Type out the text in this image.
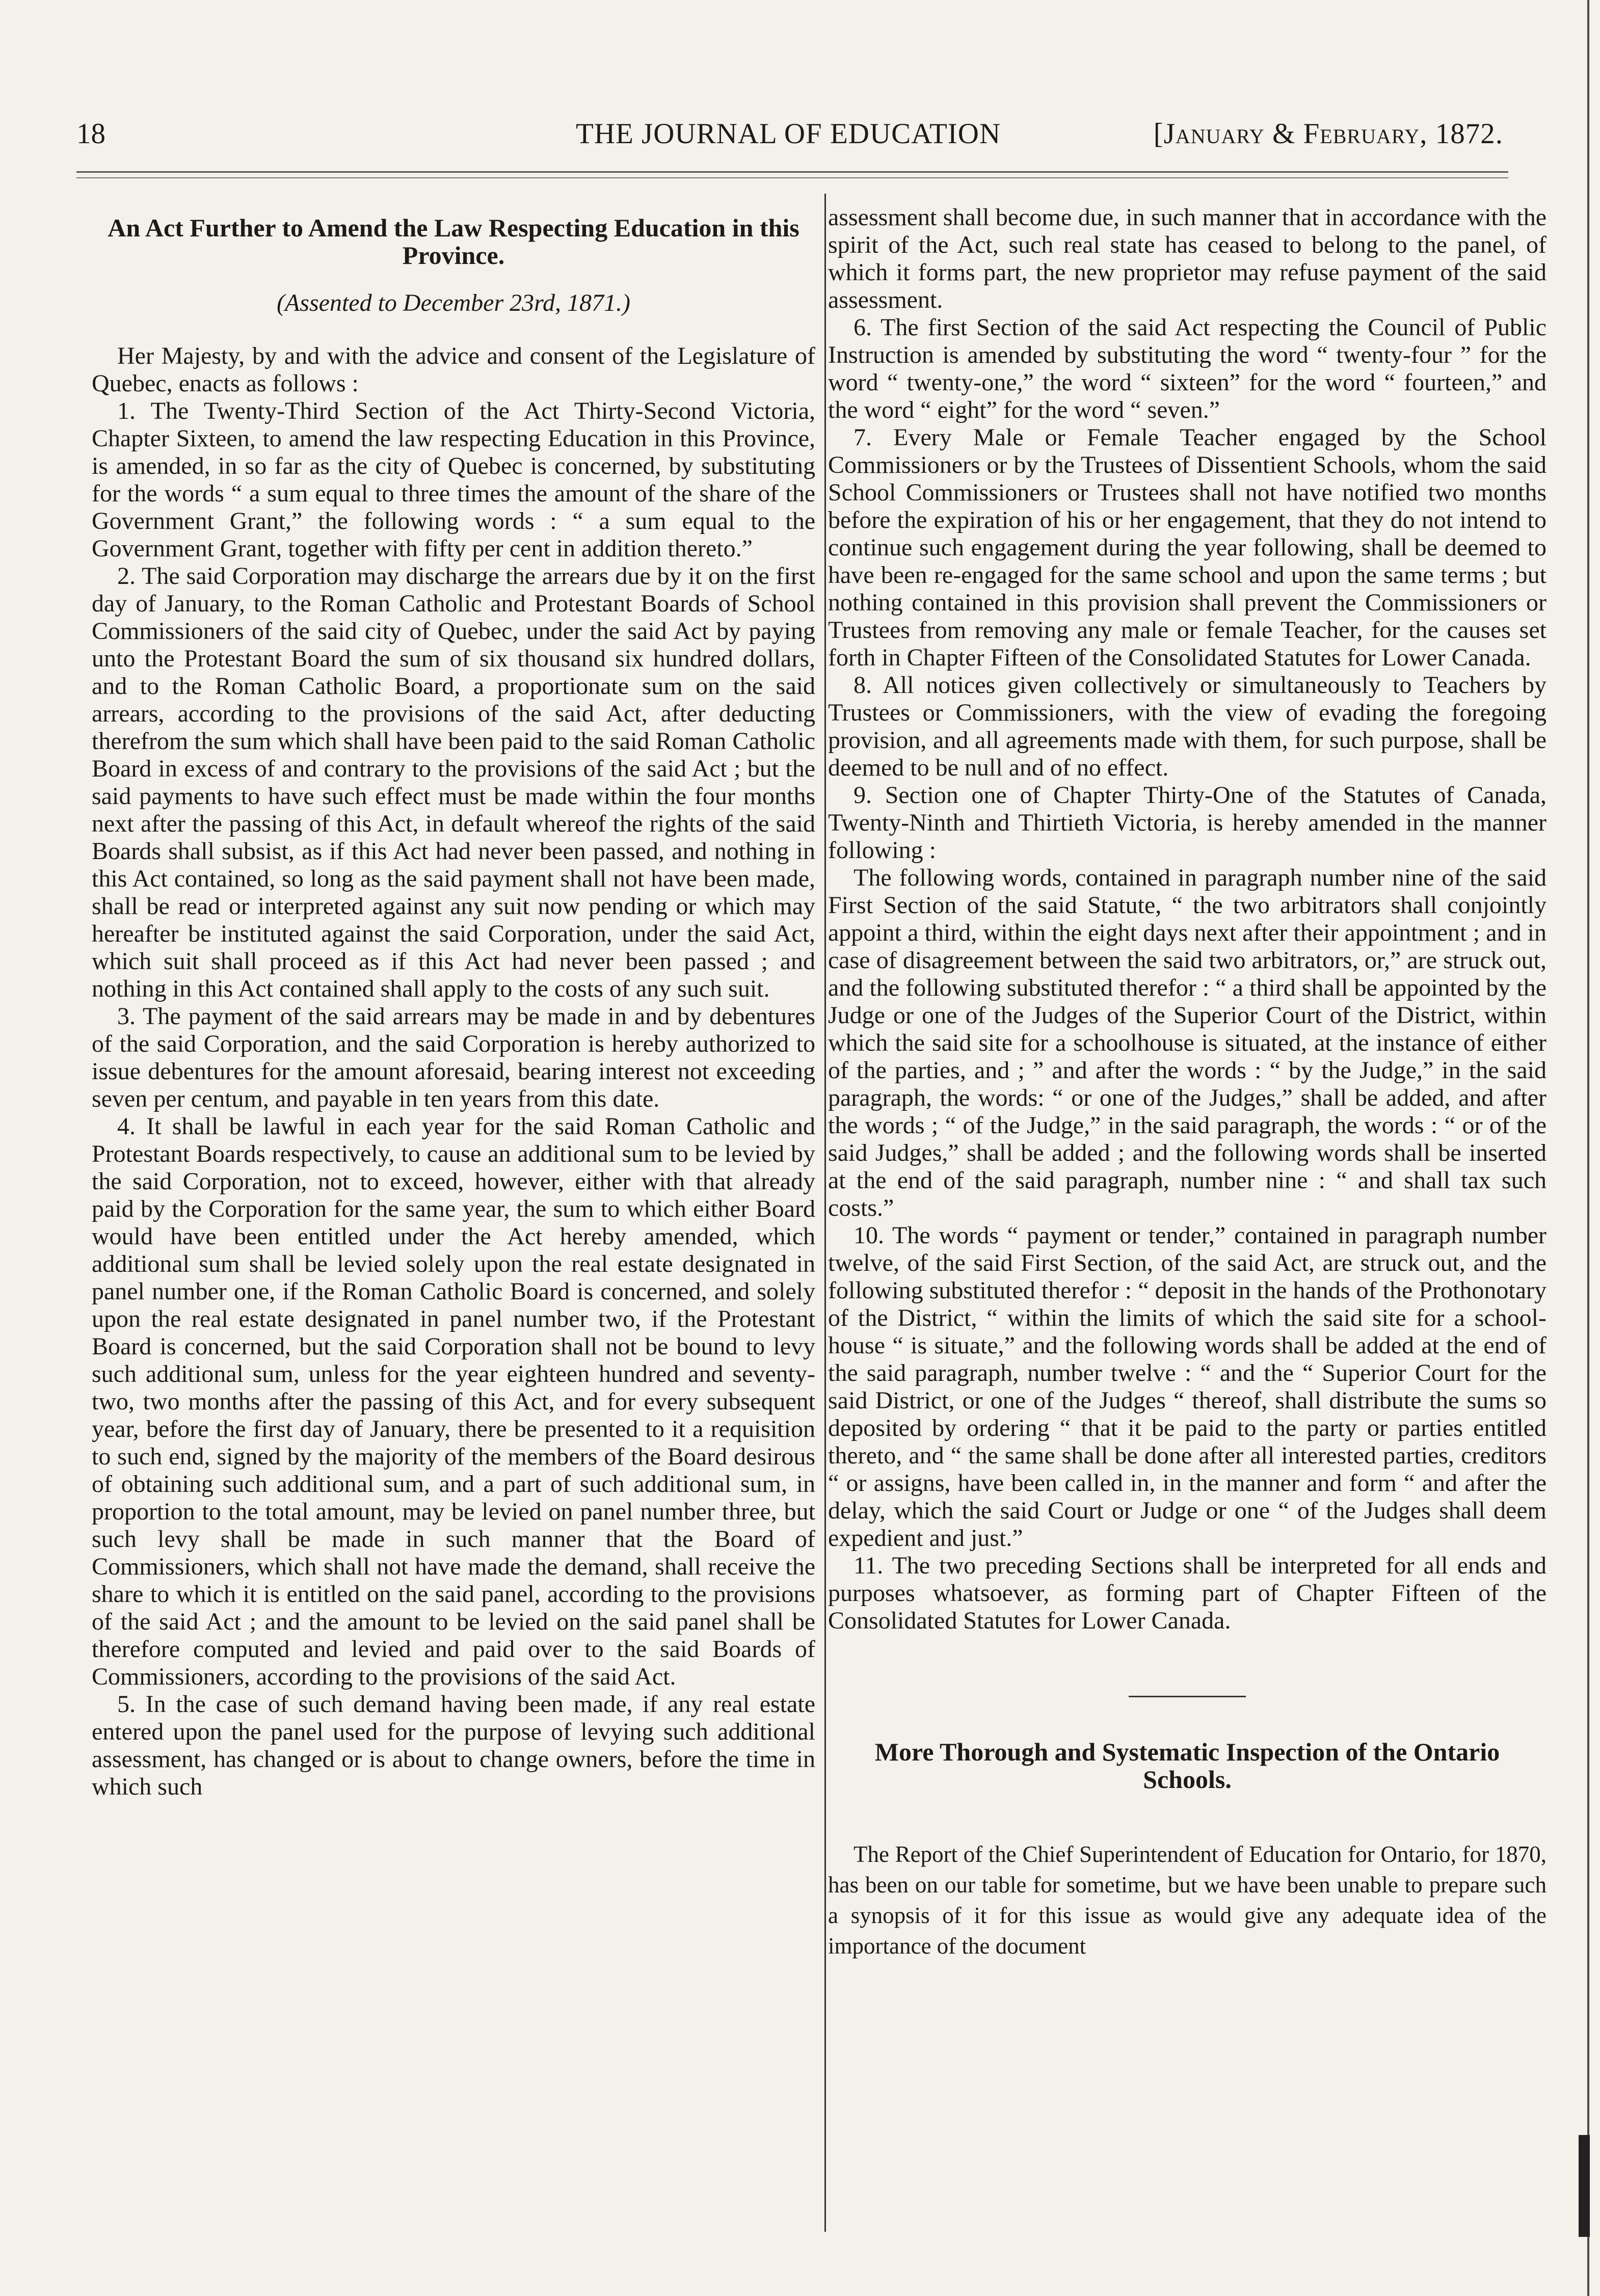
18	THE JOURNAL OF EDUCATION	[January & February, 1872.
An Act Further to Amend the Law Respecting Education in this Province.
(Assented to December 23rd, 1871.)

Her Majesty, by and with the advice and consent of the Legislature of Quebec, enacts as follows :

1. The Twenty-Third Section of the Act Thirty-Second Victoria, Chapter Sixteen, to amend the law respecting Education in this Province, is amended, in so far as the city of Quebec is concerned, by substituting for the words “ a sum equal to three times the amount of the share of the Government Grant,” the following words : “ a sum equal to the Government Grant, together with fifty per cent in addition thereto.”

2. The said Corporation may discharge the arrears due by it on the first day of January, to the Roman Catholic and Protestant Boards of School Commissioners of the said city of Quebec, under the said Act by paying unto the Protestant Board the sum of six thousand six hundred dollars, and to the Roman Catholic Board, a proportionate sum on the said arrears, according to the provisions of the said Act, after deducting therefrom the sum which shall have been paid to the said Roman Catholic Board in excess of and contrary to the provisions of the said Act ; but the said payments to have such effect must be made within the four months next after the passing of this Act, in default whereof the rights of the said Boards shall subsist, as if this Act had never been passed, and nothing in this Act contained, so long as the said payment shall not have been made, shall be read or interpreted against any suit now pending or which may hereafter be instituted against the said Corporation, under the said Act, which suit shall proceed as if this Act had never been passed ; and nothing in this Act contained shall apply to the costs of any such suit.

3. The payment of the said arrears may be made in and by debentures of the said Corporation, and the said Corporation is hereby authorized to issue debentures for the amount aforesaid, bearing interest not exceeding seven per centum, and payable in ten years from this date.

4. It shall be lawful in each year for the said Roman Catholic and Protestant Boards respectively, to cause an additional sum to be levied by the said Corporation, not to exceed, however, either with that already paid by the Corporation for the same year, the sum to which either Board would have been entitled under the Act hereby amended, which additional sum shall be levied solely upon the real estate designated in panel number one, if the Roman Catholic Board is concerned, and solely upon the real estate designated in panel number two, if the Protestant Board is concerned, but the said Corporation shall not be bound to levy such additional sum, unless for the year eighteen hundred and seventy-two, two months after the passing of this Act, and for every subsequent year, before the first day of January, there be presented to it a requisition to such end, signed by the majority of the members of the Board desirous of obtaining such additional sum, and a part of such additional sum, in proportion to the total amount, may be levied on panel number three, but such levy shall be made in such manner that the Board of Commissioners, which shall not have made the demand, shall receive the share to which it is entitled on the said panel, according to the provisions of the said Act ; and the amount to be levied on the said panel shall be therefore computed and levied and paid over to the said Boards of Commissioners, according to the provisions of the said Act.

5. In the case of such demand having been made, if any real estate entered upon the panel used for the purpose of levying such additional assessment, has changed or is about to change owners, before the time in which such

assessment shall become due, in such manner that in accordance with the spirit of the Act, such real state has ceased to belong to the panel, of which it forms part, the new proprietor may refuse payment of the said assessment.

6. The first Section of the said Act respecting the Council of Public Instruction is amended by substituting the word “ twenty-four ” for the word “ twenty-one,” the word “ sixteen” for the word “ fourteen,” and the word “ eight” for the word “ seven.”

7. Every Male or Female Teacher engaged by the School Commissioners or by the Trustees of Dissentient Schools, whom the said School Commissioners or Trustees shall not have notified two months before the expiration of his or her engagement, that they do not intend to continue such engagement during the year following, shall be deemed to have been re-engaged for the same school and upon the same terms ; but nothing contained in this provision shall prevent the Commissioners or Trustees from removing any male or female Teacher, for the causes set forth in Chapter Fifteen of the Consolidated Statutes for Lower Canada.

8. All notices given collectively or simultaneously to Teachers by Trustees or Commissioners, with the view of evading the foregoing provision, and all agreements made with them, for such purpose, shall be deemed to be null and of no effect.

9. Section one of Chapter Thirty-One of the Statutes of Canada, Twenty-Ninth and Thirtieth Victoria, is hereby amended in the manner following :

The following words, contained in paragraph number nine of the said First Section of the said Statute, “ the two arbitrators shall conjointly appoint a third, within the eight days next after their appointment ; and in case of disagreement between the said two arbitrators, or,” are struck out, and the following substituted therefor : “ a third shall be appointed by the Judge or one of the Judges of the Superior Court of the District, within which the said site for a schoolhouse is situated, at the instance of either of the parties, and ; ” and after the words : “ by the Judge,” in the said paragraph, the words: “ or one of the Judges,” shall be added, and after the words ; “ of the Judge,” in the said paragraph, the words : “ or of the said Judges,” shall be added ; and the following words shall be inserted at the end of the said paragraph, number nine : “ and shall tax such costs.”

10. The words “ payment or tender,” contained in paragraph number twelve, of the said First Section, of the said Act, are struck out, and the following substituted therefor : “ deposit in the hands of the Prothonotary of the District, “ within the limits of which the said site for a school-house “ is situate,” and the following words shall be added at the end of the said paragraph, number twelve : “ and the “ Superior Court for the said District, or one of the Judges “ thereof, shall distribute the sums so deposited by ordering “ that it be paid to the party or parties entitled thereto, and “ the same shall be done after all interested parties, creditors “ or assigns, have been called in, in the manner and form “ and after the delay, which the said Court or Judge or one “ of the Judges shall deem expedient and just.”

11. The two preceding Sections shall be interpreted for all ends and purposes whatsoever, as forming part of Chapter Fifteen of the Consolidated Statutes for Lower Canada.

More Thorough and Systematic Inspection of the Ontario Schools.

The Report of the Chief Superintendent of Education for Ontario, for 1870, has been on our table for sometime, but we have been unable to prepare such a synopsis of it for this issue as would give any adequate idea of the importance of the document
